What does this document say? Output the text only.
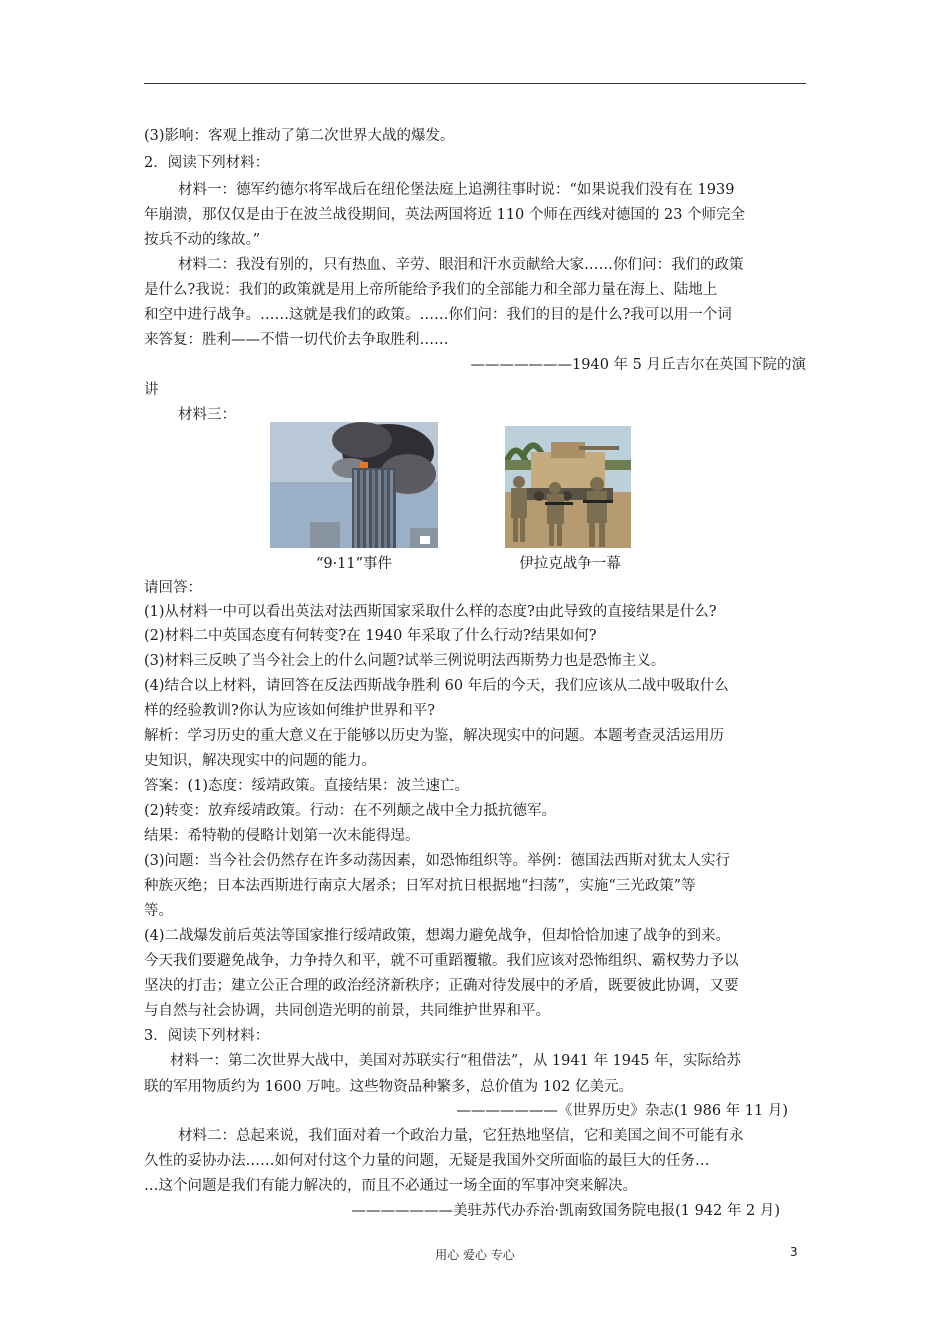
(3)影响：客观上推动了第二次世界大战的爆发。
2．阅读下列材料：
材料一：德军约德尔将军战后在纽伦堡法庭上追溯往事时说：“如果说我们没有在 1939
年崩溃，那仅仅是由于在波兰战役期间，英法两国将近 110 个师在西线对德国的 23 个师完全
按兵不动的缘故。”
材料二：我没有别的，只有热血、辛劳、眼泪和汗水贡献给大家……你们问：我们的政策
是什么?我说：我们的政策就是用上帝所能给予我们的全部能力和全部力量在海上、陆地上
和空中进行战争。……这就是我们的政策。……你们问：我们的目的是什么?我可以用一个词
来答复：胜利——不惜一切代价去争取胜利……
———————1940 年 5 月丘吉尔在英国下院的演
讲
材料三：
“9·11”事件	伊拉克战争一幕
请回答：
(1)从材料一中可以看出英法对法西斯国家采取什么样的态度?由此导致的直接结果是什么?
(2)材料二中英国态度有何转变?在 1940 年采取了什么行动?结果如何?
(3)材料三反映了当今社会上的什么问题?试举三例说明法西斯势力也是恐怖主义。
(4)结合以上材料，请回答在反法西斯战争胜利 60 年后的今天，我们应该从二战中吸取什么
样的经验教训?你认为应该如何维护世界和平?
解析：学习历史的重大意义在于能够以历史为鉴，解决现实中的问题。本题考查灵活运用历
史知识，解决现实中的问题的能力。
答案：(1)态度：绥靖政策。直接结果：波兰速亡。
(2)转变：放弃绥靖政策。行动：在不列颠之战中全力抵抗德军。
结果：希特勒的侵略计划第一次未能得逞。
(3)问题：当今社会仍然存在许多动荡因素，如恐怖组织等。举例：德国法西斯对犹太人实行
种族灭绝；日本法西斯进行南京大屠杀；日军对抗日根据地“扫荡”，实施“三光政策”等
等。
(4)二战爆发前后英法等国家推行绥靖政策，想竭力避免战争，但却恰恰加速了战争的到来。
今天我们要避免战争，力争持久和平，就不可重蹈覆辙。我们应该对恐怖组织、霸权势力予以
坚决的打击；建立公正合理的政治经济新秩序；正确对待发展中的矛盾，既要彼此协调，又要
与自然与社会协调，共同创造光明的前景，共同维护世界和平。
3．阅读下列材料：
材料一：第二次世界大战中，美国对苏联实行“租借法”，从 1941 年 1945 年，实际给苏
联的军用物质约为 1600 万吨。这些物资品种繁多，总价值为 102 亿美元。
———————《世界历史》杂志(1 986 年 11 月)
材料二：总起来说，我们面对着一个政治力量，它狂热地坚信，它和美国之间不可能有永
久性的妥协办法……如何对付这个力量的问题，无疑是我国外交所面临的最巨大的任务…
…这个问题是我们有能力解决的，而且不必通过一场全面的军事冲突来解决。
———————美驻苏代办乔治·凯南致国务院电报(1 942 年 2 月)
用心 爱心 专心	3
